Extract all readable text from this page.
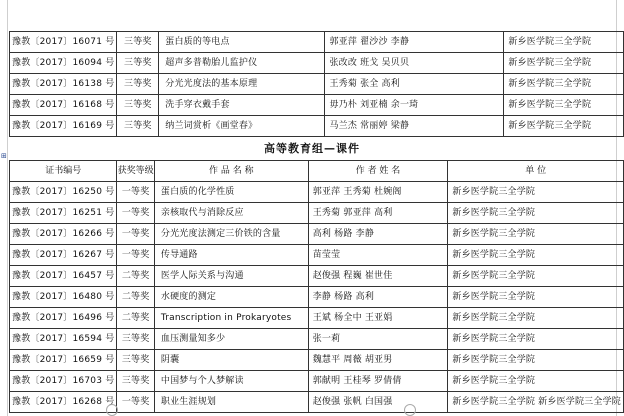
豫教〔2017〕16071 号	三等奖	蛋白质的等电点	郭亚萍 翟沙沙 李静	新乡医学院三全学院
豫教〔2017〕16094 号	三等奖	超声多普勒胎儿监护仪	张改改 班戈 吴贝贝	新乡医学院三全学院
豫教〔2017〕16138 号	三等奖	分光光度法的基本原理	王秀菊 张全 高利	新乡医学院三全学院
豫教〔2017〕16168 号	三等奖	洗手穿衣戴手套	毋乃朴 刘亚楠 余一琦	新乡医学院三全学院
豫教〔2017〕16169 号	三等奖	纳兰词赏析《画堂春》	马兰杰 常丽婷 梁静	新乡医学院三全学院
⊞
高等教育组—课件
证书编号	获奖等级	作 品 名 称	作 者 姓 名	单 位
豫教〔2017〕16250 号	一等奖	蛋白质的化学性质	郭亚萍 王秀菊 杜婉阁	新乡医学院三全学院
豫教〔2017〕16251 号	一等奖	亲核取代与消除反应	王秀菊 郭亚萍 高利	新乡医学院三全学院
豫教〔2017〕16266 号	一等奖	分光光度法测定三价铁的含量	高利 杨路 李静	新乡医学院三全学院
豫教〔2017〕16267 号	一等奖	传导通路	苗莹莹	新乡医学院三全学院
豫教〔2017〕16457 号	二等奖	医学人际关系与沟通	赵俊强 程巍 崔世佳	新乡医学院三全学院
豫教〔2017〕16480 号	二等奖	水硬度的测定	李静 杨路 高利	新乡医学院三全学院
豫教〔2017〕16496 号	二等奖	Transcription in Prokaryotes	王斌 杨全中 王亚娟	新乡医学院三全学院
豫教〔2017〕16594 号	三等奖	血压测量知多少	张一莉	新乡医学院三全学院
豫教〔2017〕16659 号	三等奖	阴囊	魏慧平 周薇 胡亚男	新乡医学院三全学院
豫教〔2017〕16703 号	三等奖	中国梦与个人梦解读	郭献明 王桂琴 罗倩倩	新乡医学院三全学院
豫教〔2017〕16268 号	一等奖	职业生涯规划	赵俊强 张帆 白国强	新乡医学院三全学院 新乡医学院三全学院
